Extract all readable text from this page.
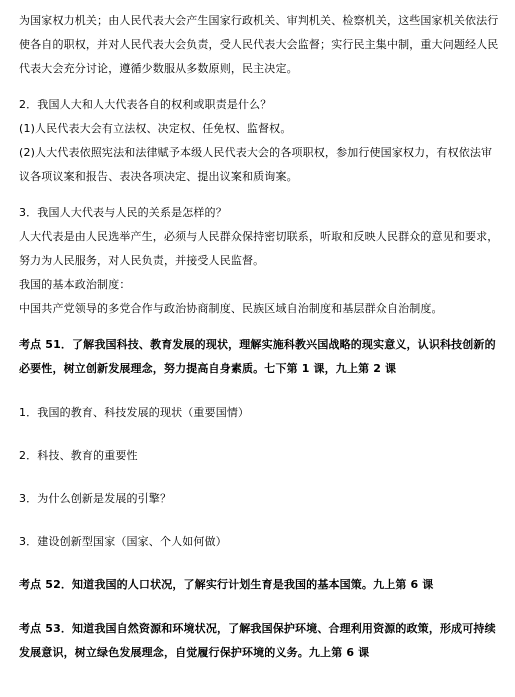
为国家权力机关；由人民代表大会产生国家行政机关、审判机关、检察机关，这些国家机关依法行
使各自的职权，并对人民代表大会负责，受人民代表大会监督；实行民主集中制，重大问题经人民
代表大会充分讨论，遵循少数服从多数原则，民主决定。
2．我国人大和人大代表各自的权利或职责是什么？
(1)人民代表大会有立法权、决定权、任免权、监督权。
(2)人大代表依照宪法和法律赋予本级人民代表大会的各项职权，参加行使国家权力，有权依法审
议各项议案和报告、表决各项决定、提出议案和质询案。
3．我国人大代表与人民的关系是怎样的？
人大代表是由人民选举产生，必须与人民群众保持密切联系，听取和反映人民群众的意见和要求，
努力为人民服务，对人民负责，并接受人民监督。
我国的基本政治制度：
中国共产党领导的多党合作与政治协商制度、民族区域自治制度和基层群众自治制度。
考点 51．了解我国科技、教育发展的现状，理解实施科教兴国战略的现实意义，认识科技创新的
必要性，树立创新发展理念，努力提高自身素质。七下第 1 课，九上第 2 课
1．我国的教育、科技发展的现状（重要国情）
2．科技、教育的重要性
3．为什么创新是发展的引擎？
3．建设创新型国家（国家、个人如何做）
考点 52．知道我国的人口状况，了解实行计划生育是我国的基本国策。九上第 6 课
考点 53．知道我国自然资源和环境状况，了解我国保护环境、合理利用资源的政策，形成可持续
发展意识，树立绿色发展理念，自觉履行保护环境的义务。九上第 6 课
